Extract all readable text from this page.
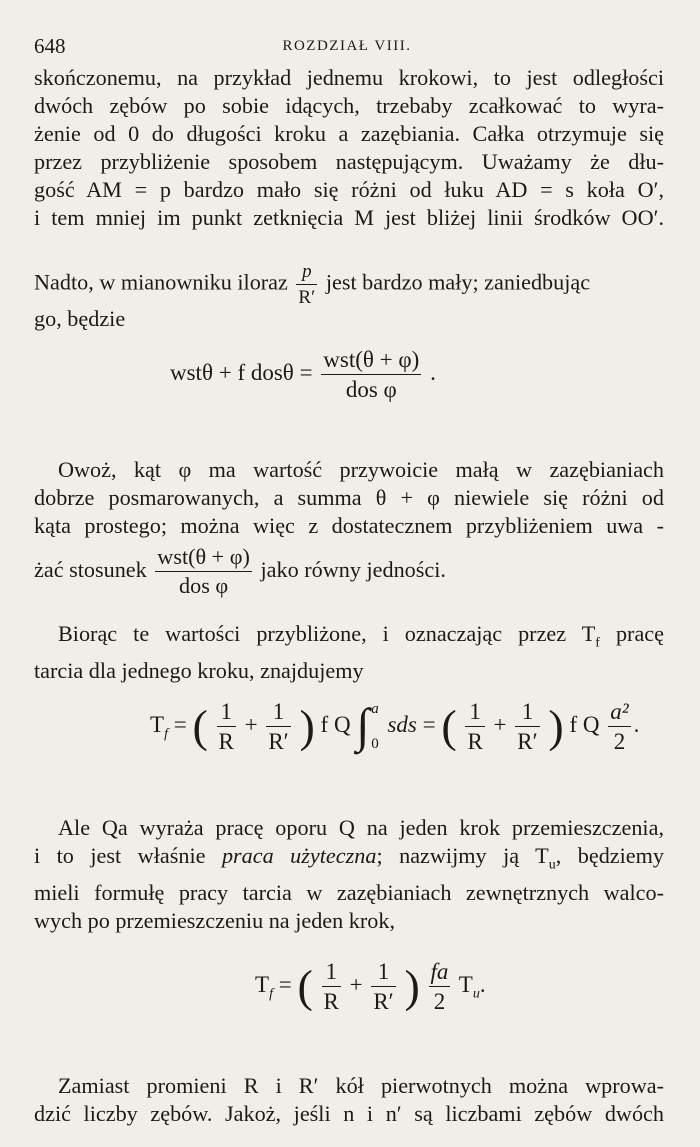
648	ROZDZIAŁ VIII.

skończonemu, na przykład jednemu krokowi, to jest odległości
dwóch zębów po sobie idących, trzebaby zcałkować to wyra-
żenie od 0 do długości kroku a zazębiania. Całka otrzymuje się
przez przybliżenie sposobem następującym. Uważamy że dłu-
gość AM = p bardzo mało się różni od łuku AD = s koła O′,
i tem mniej im punkt zetknięcia M jest bliżej linii środków OO′.

Nadto, w mianowniku iloraz $\frac{p}{R'}$ jest bardzo mały; zaniedbując
go, będzie
wstθ + f $dos\theta = \frac{\text{wst(θ + φ)}}{\text{dos φ}}$ .

Owoż, kąt φ ma wartość przywoicie małą w zazębianiach

dobrze posmarowanych, a summa θ + φ niewiele się różni od
kąta prostego; można więc z dostatecznem przybliżeniem uwa -

żać stosunek $\frac{\text{wst(θ + φ)}}{\text{dos φ}}$ jako równy jedności.

Biorąc te wartości przybliżone, i oznaczając przez $T_f$ pracę

tarcia dla jednego kroku, znajdujemy

$T_f$ = ( $\frac{1}{R} + \frac{1}{R'}$ ) f Q ∫ a
0
sds = ( $\frac{1}{R} + \frac{1}{R'}$ ) f Q $\frac{\text{a²}}{2}$ .

Ale Qa wyraża pracę oporu Q na jeden krok przemieszczenia,

i to jest właśnie praca użyteczna; nazwijmy ją $T_u$, będziemy
mieli formułę pracy tarcia w zazębianiach zewnętrznych walco-
wych po przemieszczeniu na jeden krok,

$T_f$ = ( $\frac{1}{R} + \frac{1}{R'}$ ) $\frac{fa}{2} T_u$.

Zamiast promieni R i R′ kół pierwotnych można wprowa-

dzić liczby zębów. Jakoż, jeśli n i n′ są liczbami zębów dwóch
